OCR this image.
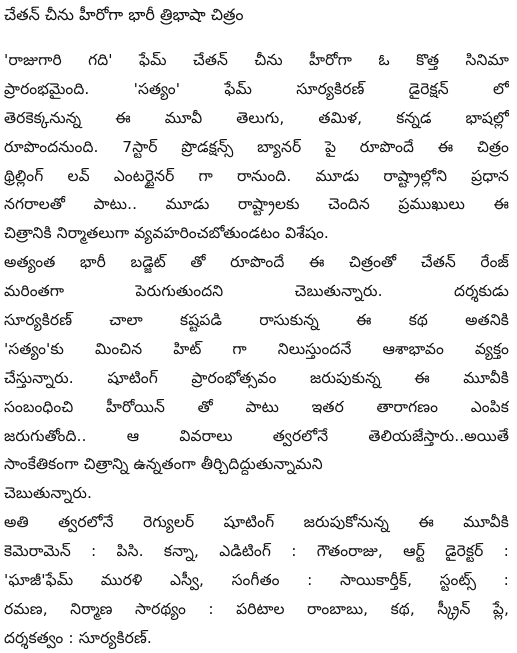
చేతన్ చీను హీరోగా భారీ త్రిభాషా చిత్రం
'రాజుగారి గది' ఫేమ్ చేతన్ చీను హీరోగా ఓ కొత్త సినిమా
ప్రారంభమైంది. 'సత్యం' ఫేమ్ సూర్యకిరణ్ డైరెక్షన్ లో
తెరకెక్కనున్న ఈ మూవీ తెలుగు, తమిళ, కన్నడ భాషల్లో
రూపొందనుంది. 7స్టార్ ప్రొడక్షన్స్ బ్యానర్ పై రూపొందే ఈ చిత్రం
థ్రిల్లింగ్ లవ్ ఎంటర్టైనర్ గా రానుంది. మూడు రాష్ట్రాల్లోని ప్రధాన
నగరాలతో పాటు.. మూడు రాష్ట్రాలకు చెందిన ప్రముఖులు ఈ
చిత్రానికి నిర్మాతలుగా వ్యవహరించబోతుండటం విశేషం.
అత్యంత భారీ బడ్జెట్ తో రూపొందే ఈ చిత్రంతో చేతన్ రేంజ్
మరింతగా పెరుగుతుందని చెబుతున్నారు. దర్శకుడు
సూర్యకిరణ్ చాలా కష్టపడి రాసుకున్న ఈ కథ అతనికి
'సత్యం'కు మించిన హిట్ గా నిలుస్తుందనే ఆశాభావం వ్యక్తం
చేస్తున్నారు. షూటింగ్ ప్రారంభోత్సవం జరుపుకున్న ఈ మూవీకి
సంబంధించి హీరోయిన్ తో పాటు ఇతర తారాగణం ఎంపిక
జరుగుతోంది.. ఆ వివరాలు త్వరలోనే తెలియజేస్తారు..అయితే
సాంకేతికంగా చిత్రాన్ని ఉన్నతంగా తీర్చిదిద్దుతున్నామని
చెబుతున్నారు.
అతి త్వరలోనే రెగ్యులర్ షూటింగ్ జరుపుకోనున్న ఈ మూవీకి
కెమెరామెన్ : పిసి. కన్నా, ఎడిటింగ్ : గౌతంరాజు, ఆర్ట్ డైరెక్టర్ :
'ఘాజీ'ఫేమ్ మురళి ఎస్వీ, సంగీతం : సాయికార్తీక్, స్టంట్స్ :
రమణ, నిర్మాణ సారథ్యం : పరిటాల రాంబాబు, కథ, స్క్రీన్ ప్లే,
దర్శకత్వం : సూర్యకిరణ్.
